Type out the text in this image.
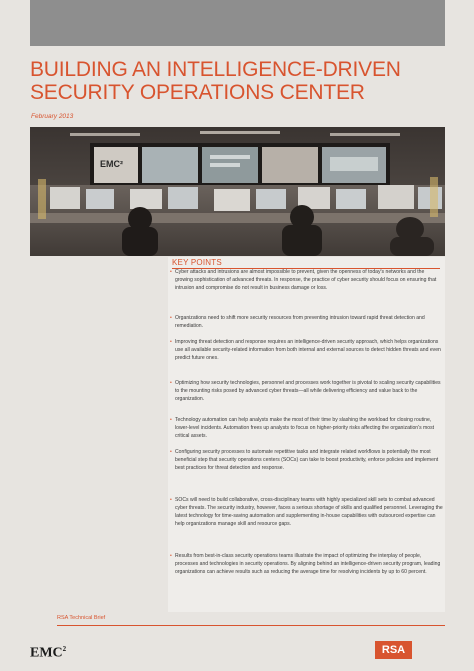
BUILDING AN INTELLIGENCE-DRIVEN
SECURITY OPERATIONS CENTER
February 2013
EMC²
KEY POINTS
• Cyber attacks and intrusions are almost impossible to prevent, given the openness of today's networks and the growing sophistication of advanced threats. In response, the practice of cyber security should focus on ensuring that intrusion and compromise do not result in business damage or loss.
• Organizations need to shift more security resources from preventing intrusion toward rapid threat detection and remediation.
• Improving threat detection and response requires an intelligence-driven security approach, which helps organizations use all available security-related information from both internal and external sources to detect hidden threats and even predict future ones.
• Optimizing how security technologies, personnel and processes work together is pivotal to scaling security capabilities to the mounting risks posed by advanced cyber threats—all while delivering efficiency and value back to the organization.
• Technology automation can help analysts make the most of their time by slashing the workload for closing routine, lower-level incidents. Automation frees up analysts to focus on higher-priority risks affecting the organization's most critical assets.
• Configuring security processes to automate repetitive tasks and integrate related workflows is potentially the most beneficial step that security operations centers (SOCs) can take to boost productivity, enforce policies and implement best practices for threat detection and response.
• SOCs will need to build collaborative, cross-disciplinary teams with highly specialized skill sets to combat advanced cyber threats. The security industry, however, faces a serious shortage of skills and qualified personnel. Leveraging the latest technology for time-saving automation and supplementing in-house capabilities with outsourced expertise can help organizations manage skill and resource gaps.
• Results from best-in-class security operations teams illustrate the impact of optimizing the interplay of people, processes and technologies in security operations. By aligning behind an intelligence-driven security program, leading organizations can achieve results such as reducing the average time for resolving incidents by up to 60 percent.
RSA Technical Brief
EMC$^2$	RSA
